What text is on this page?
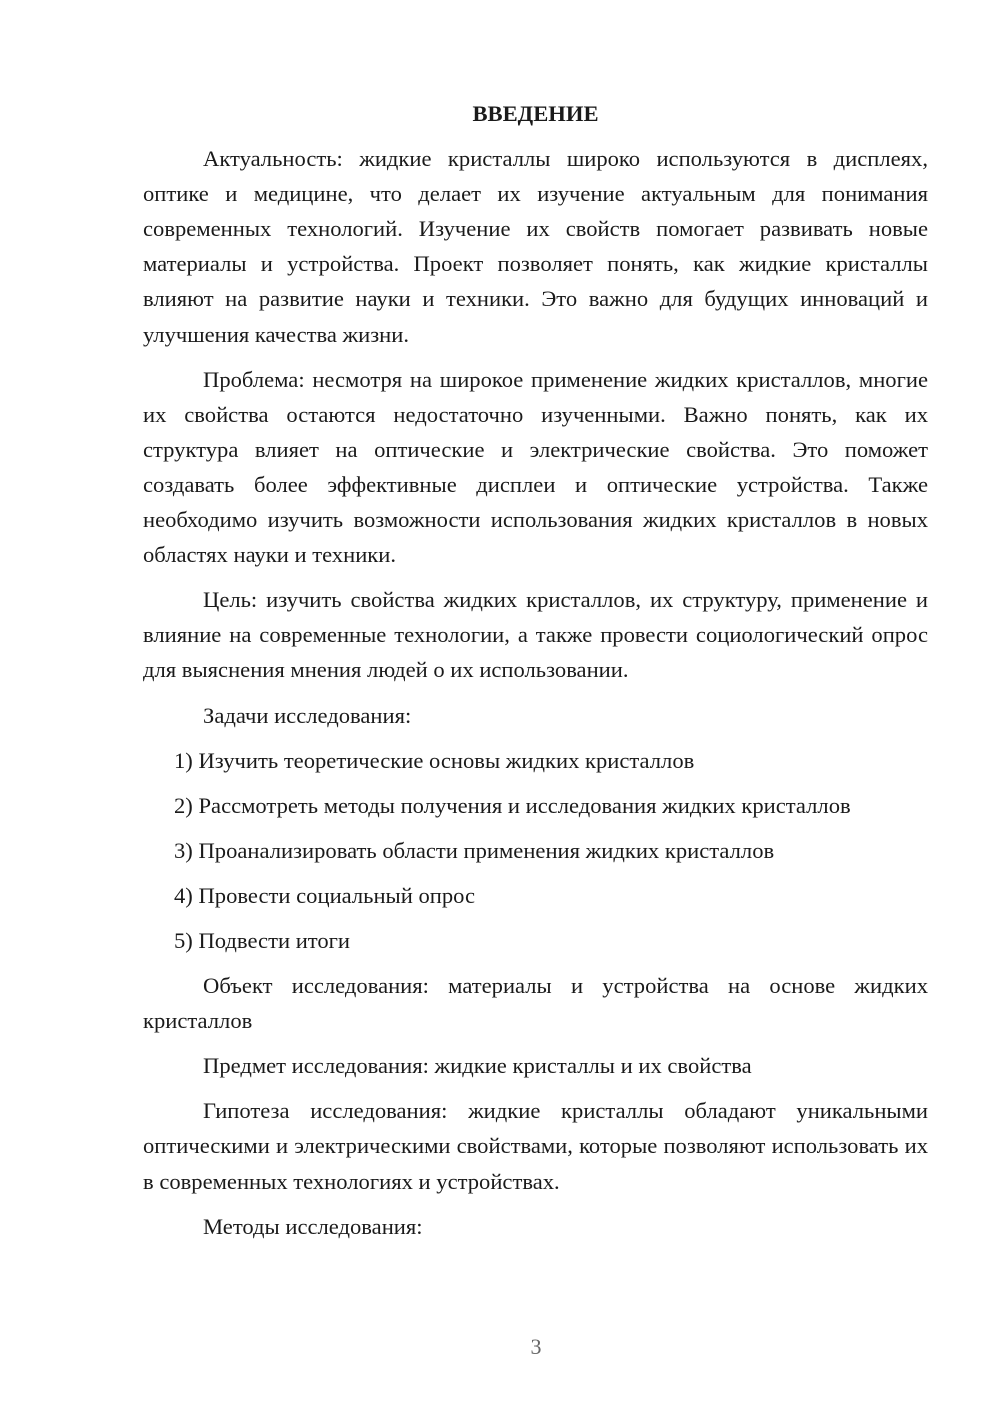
ВВЕДЕНИЕ

Актуальность: жидкие кристаллы широко используются в дисплеях, оптике и медицине, что делает их изучение актуальным для понимания современных технологий. Изучение их свойств помогает развивать новые материалы и устройства. Проект позволяет понять, как жидкие кристаллы влияют на развитие науки и техники. Это важно для будущих инноваций и улучшения качества жизни.

Проблема: несмотря на широкое применение жидких кристаллов, многие их свойства остаются недостаточно изученными. Важно понять, как их структура влияет на оптические и электрические свойства. Это поможет создавать более эффективные дисплеи и оптические устройства. Также необходимо изучить возможности использования жидких кристаллов в новых областях науки и техники.

Цель: изучить свойства жидких кристаллов, их структуру, применение и влияние на современные технологии, а также провести социологический опрос для выяснения мнения людей о их использовании.

Задачи исследования:
1) Изучить теоретические основы жидких кристаллов
2) Рассмотреть методы получения и исследования жидких кристаллов
3) Проанализировать области применения жидких кристаллов
4) Провести социальный опрос
5) Подвести итоги

Объект исследования: материалы и устройства на основе жидких кристаллов

Предмет исследования: жидкие кристаллы и их свойства

Гипотеза исследования: жидкие кристаллы обладают уникальными оптическими и электрическими свойствами, которые позволяют использовать их в современных технологиях и устройствах.

Методы исследования:
3
